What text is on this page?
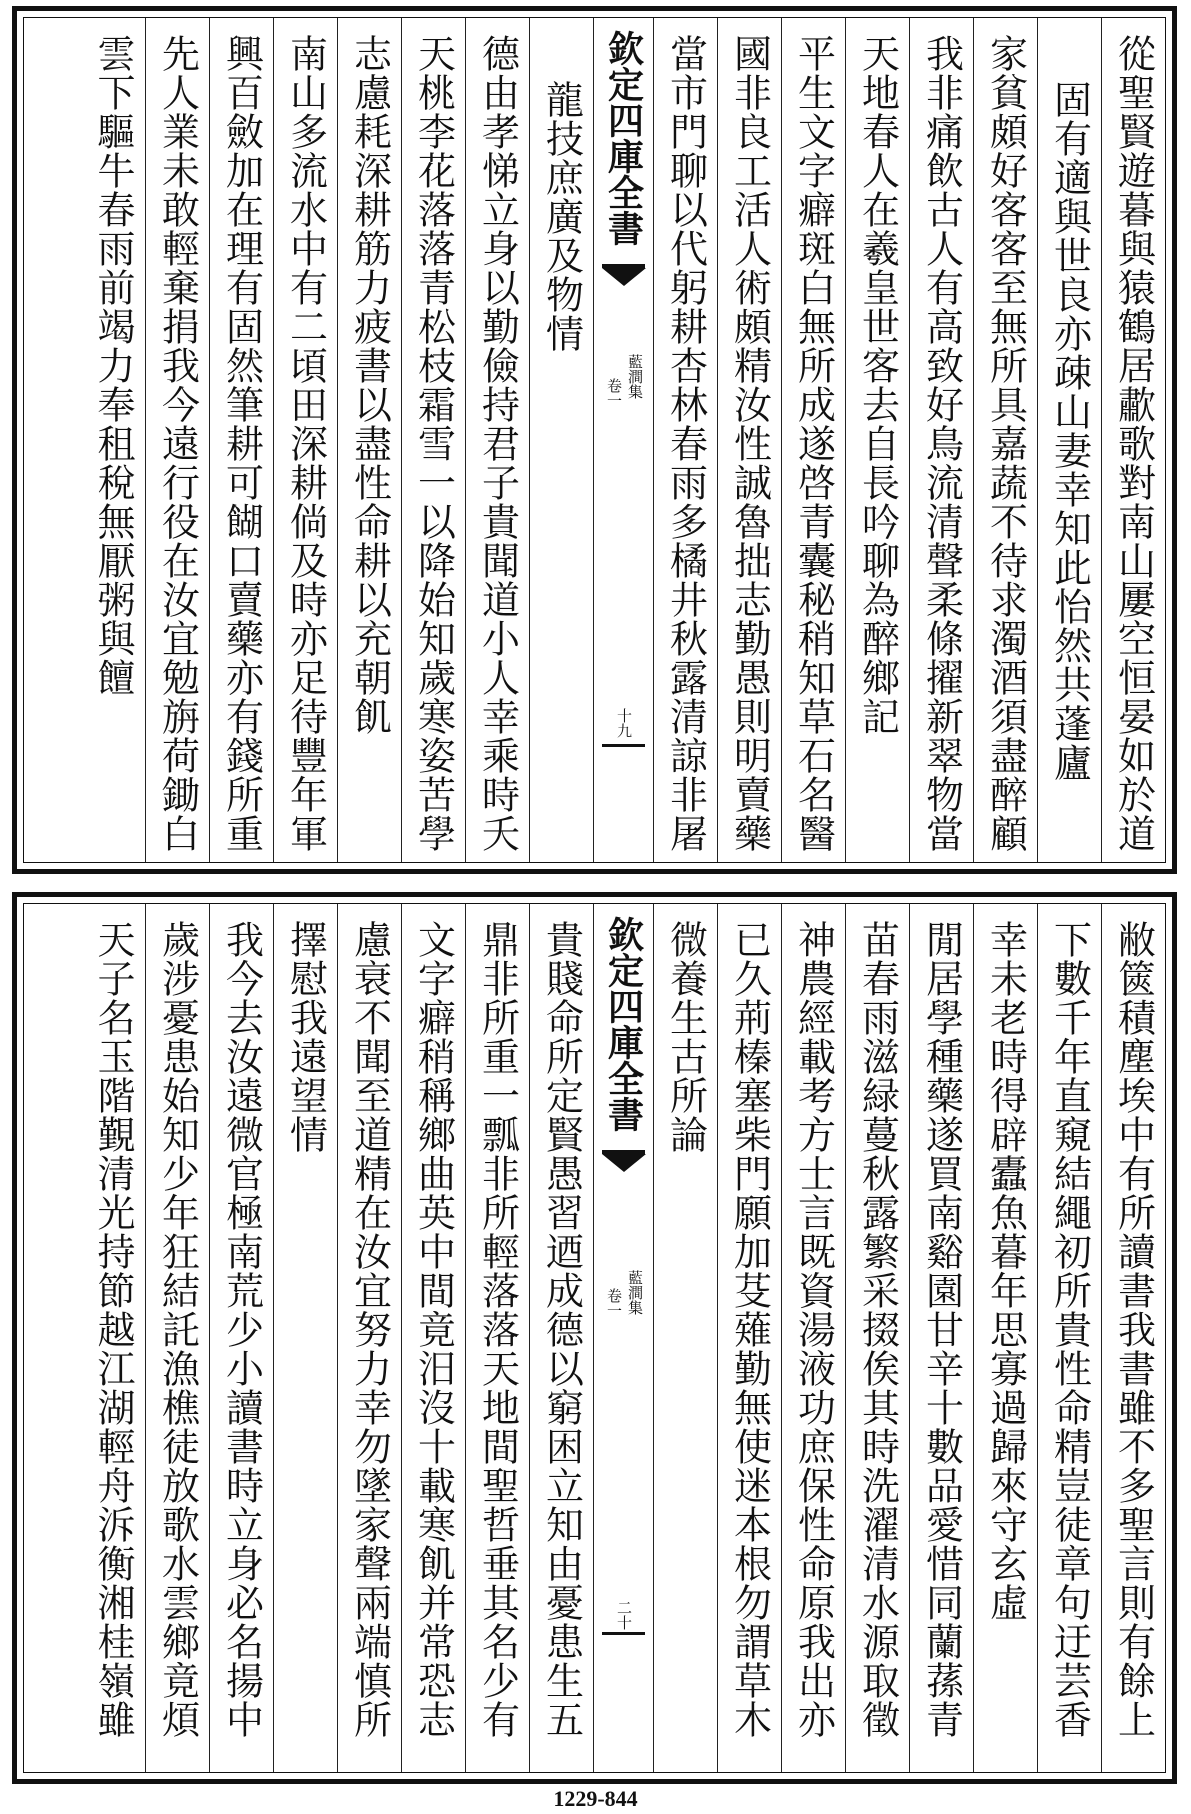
從聖賢遊暮與猿鶴居歗歌對南山屢空恒晏如於道
固有適與世良亦疎山妻幸知此怡然共蓬廬
家貧頗好客客至無所具嘉蔬不待求濁酒須盡醉顧
我非痛飲古人有高致好鳥流清聲柔條擢新翠物當
天地春人在羲皇世客去自長吟聊為醉鄉記
平生文字癖斑白無所成遂啓青囊秘稍知草石名醫
國非良工活人術頗精汝性誠魯拙志勤愚則明賣藥
當市門聊以代躬耕杏林春雨多橘井秋露清諒非屠
欽定四庫全書
藍澗集
卷一
十九
龍技庶廣及物情
德由孝悌立身以勤儉持君子貴聞道小人幸乘時夭
天桃李花落落青松枝霜雪一以降始知歲寒姿苦學
志慮耗深耕筋力疲書以盡性命耕以充朝飢
南山多流水中有二頃田深耕倘及時亦足待豐年軍
興百斂加在理有固然筆耕可餬口賣藥亦有錢所重
先人業未敢輕棄捐我今遠行役在汝宜勉旃荷鋤白
雲下驅牛春雨前竭力奉租稅無厭粥與饘
敝篋積塵埃中有所讀書我書雖不多聖言則有餘上
下數千年直窺結繩初所貴性命精豈徒章句迂芸香
幸未老時得辟蠹魚暮年思寡過歸來守玄虛
閒居學種藥遂買南谿園甘辛十數品愛惜同蘭蓀青
苗春雨滋緑蔓秋露繁采掇俟其時洗濯清水源取徵
神農經載考方士言既資湯液功庶保性命原我出亦
已久荊榛塞柴門願加芟薙勤無使迷本根勿謂草木
微養生古所論
欽定四庫全書
藍澗集
卷一
二十
貴賤命所定賢愚習迺成德以窮困立知由憂患生五
鼎非所重一瓢非所輕落落天地間聖哲垂其名少有
文字癖稍稱鄉曲英中間竟汨沒十載寒飢并常恐志
慮衰不聞至道精在汝宜努力幸勿墜家聲兩端慎所
擇慰我遠望情
我今去汝遠微官極南荒少小讀書時立身必名揚中
歲涉憂患始知少年狂結託漁樵徒放歌水雲鄉竟煩
天子名玉階覲清光持節越江湖輕舟泝衡湘桂嶺雖
1229-844
